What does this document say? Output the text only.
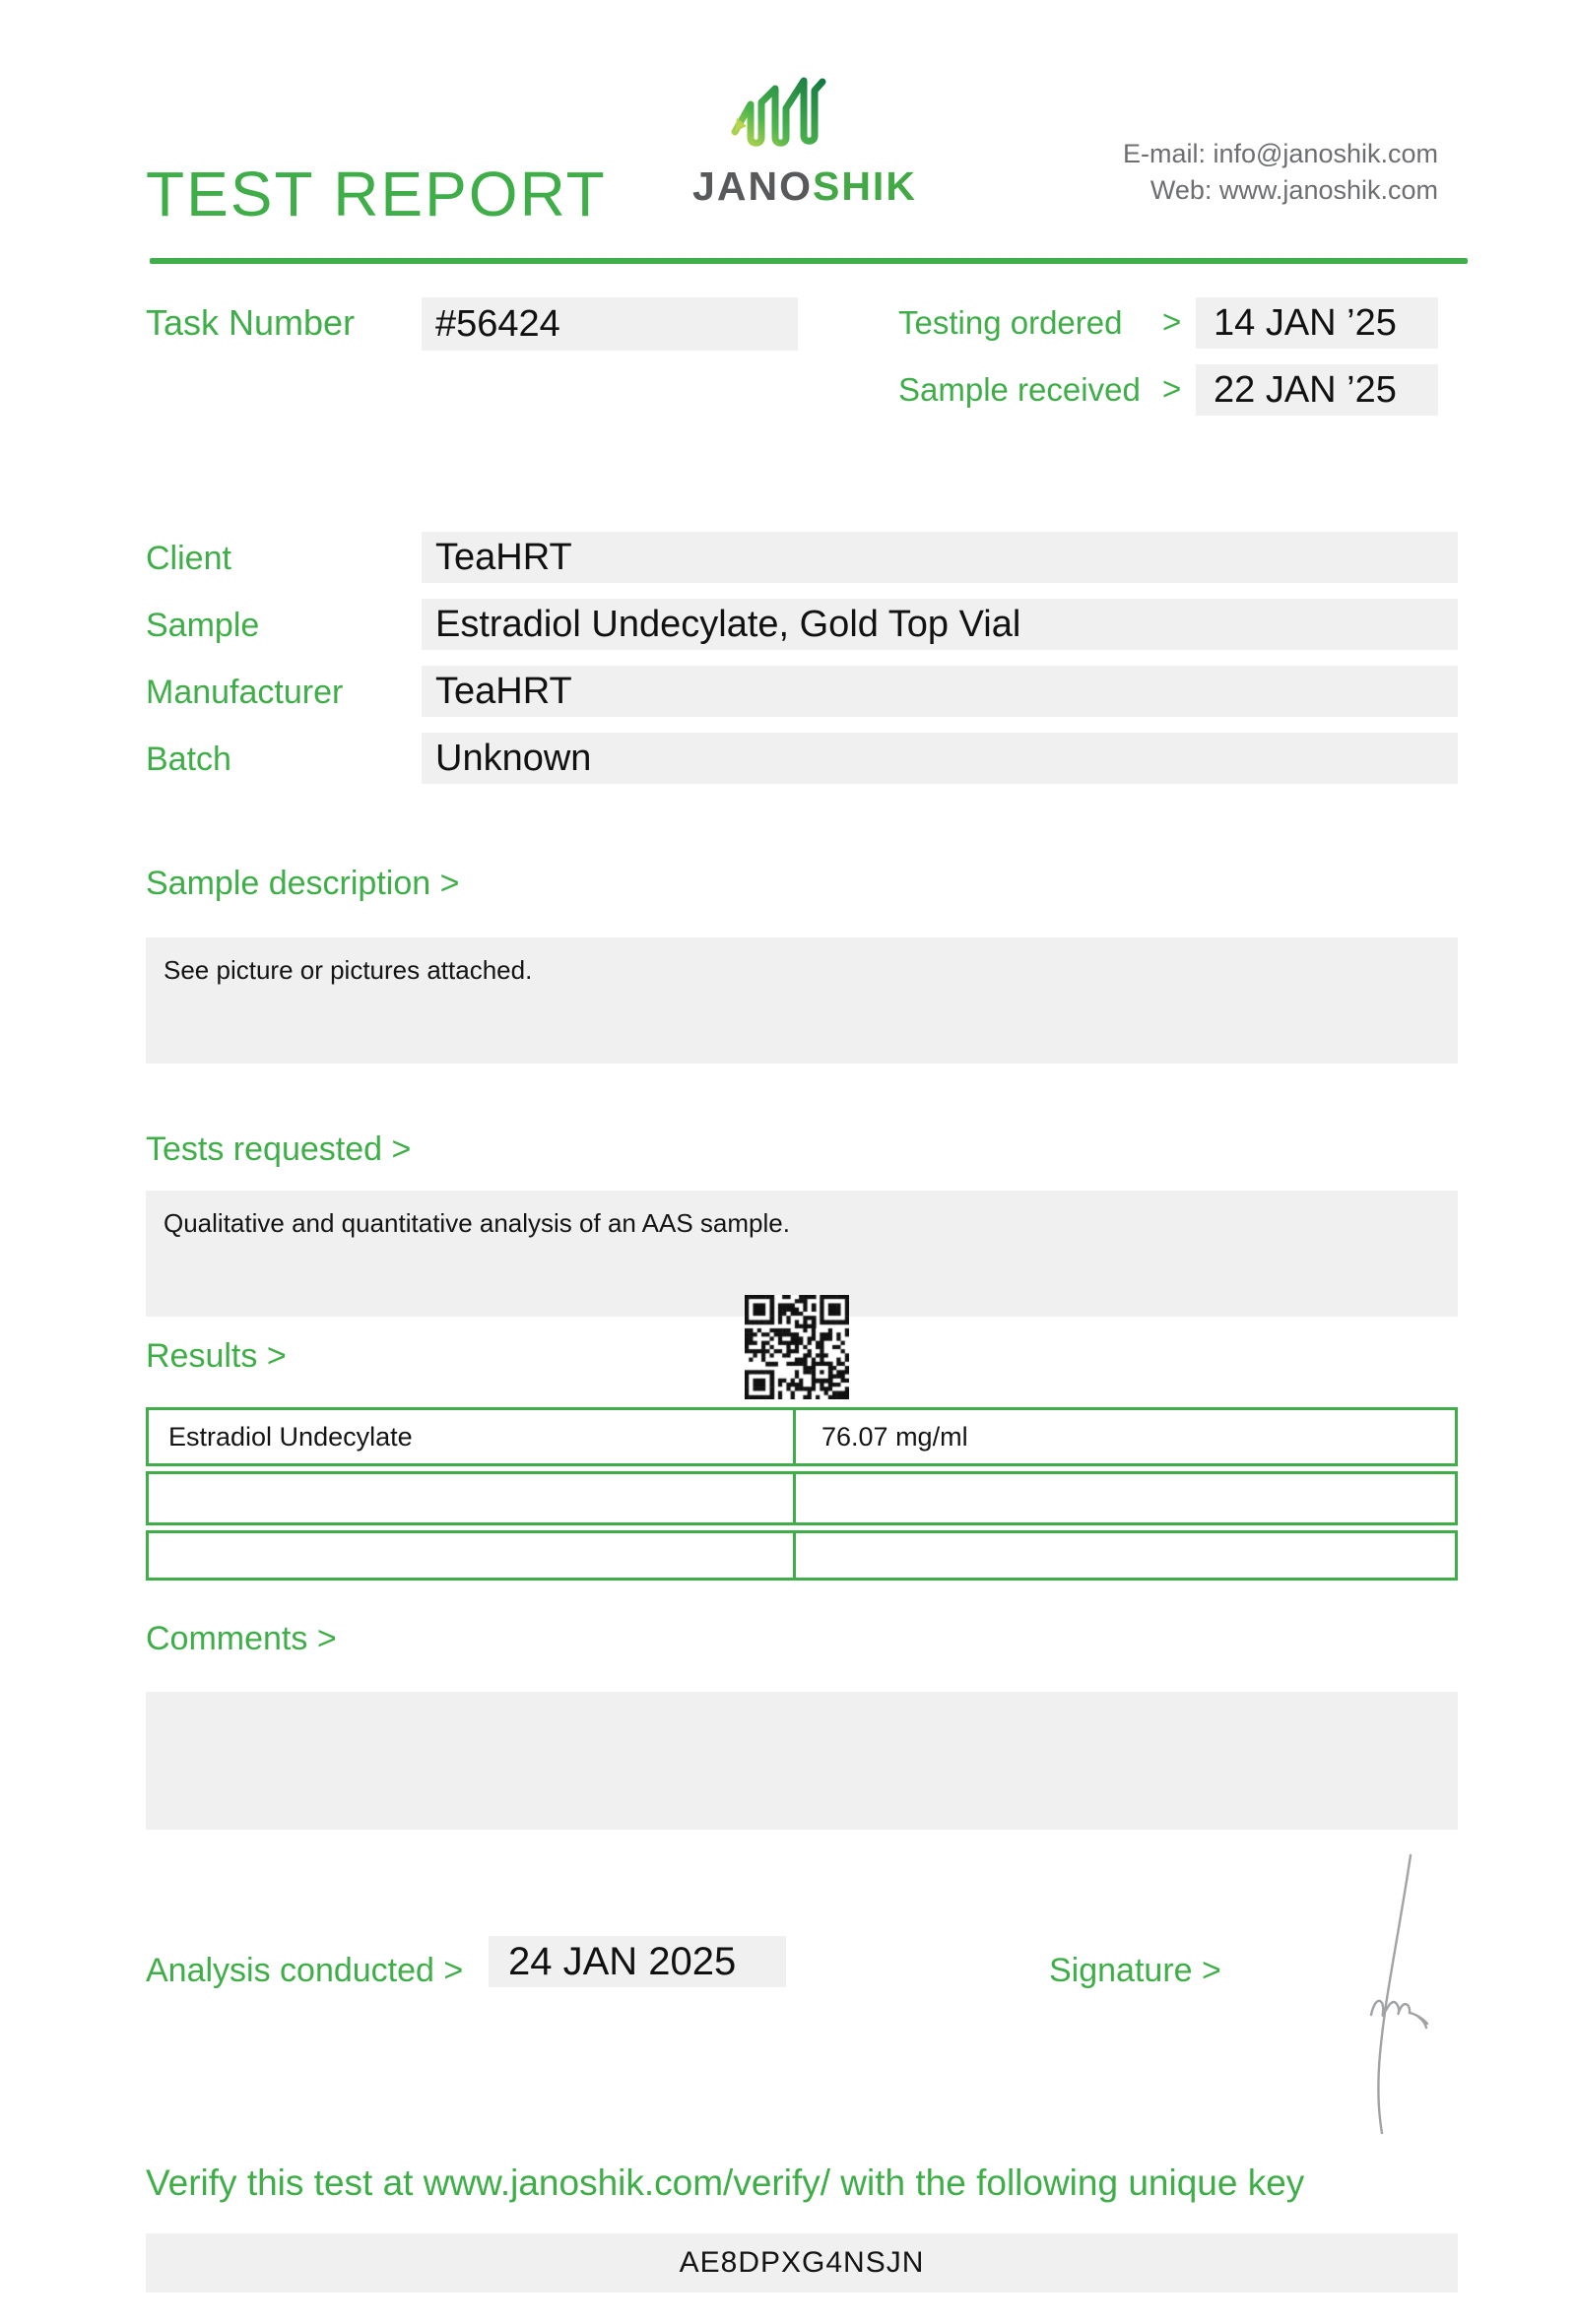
TEST REPORT	JANOSHIK
E-mail: info@janoshik.com
Web: www.janoshik.com
Task Number	#56424	Testing ordered > 14 JAN ’25
Sample received > 22 JAN ’25
Client	TeaHRT
Sample	Estradiol Undecylate, Gold Top Vial
Manufacturer	TeaHRT
Batch	Unknown
Sample description >
See picture or pictures attached.
Tests requested >
Qualitative and quantitative analysis of an AAS sample.
Results >
Estradiol Undecylate	76.07 mg/ml
Comments >
Analysis conducted >	24 JAN 2025	Signature >
Verify this test at www.janoshik.com/verify/ with the following unique key
AE8DPXG4NSJN
